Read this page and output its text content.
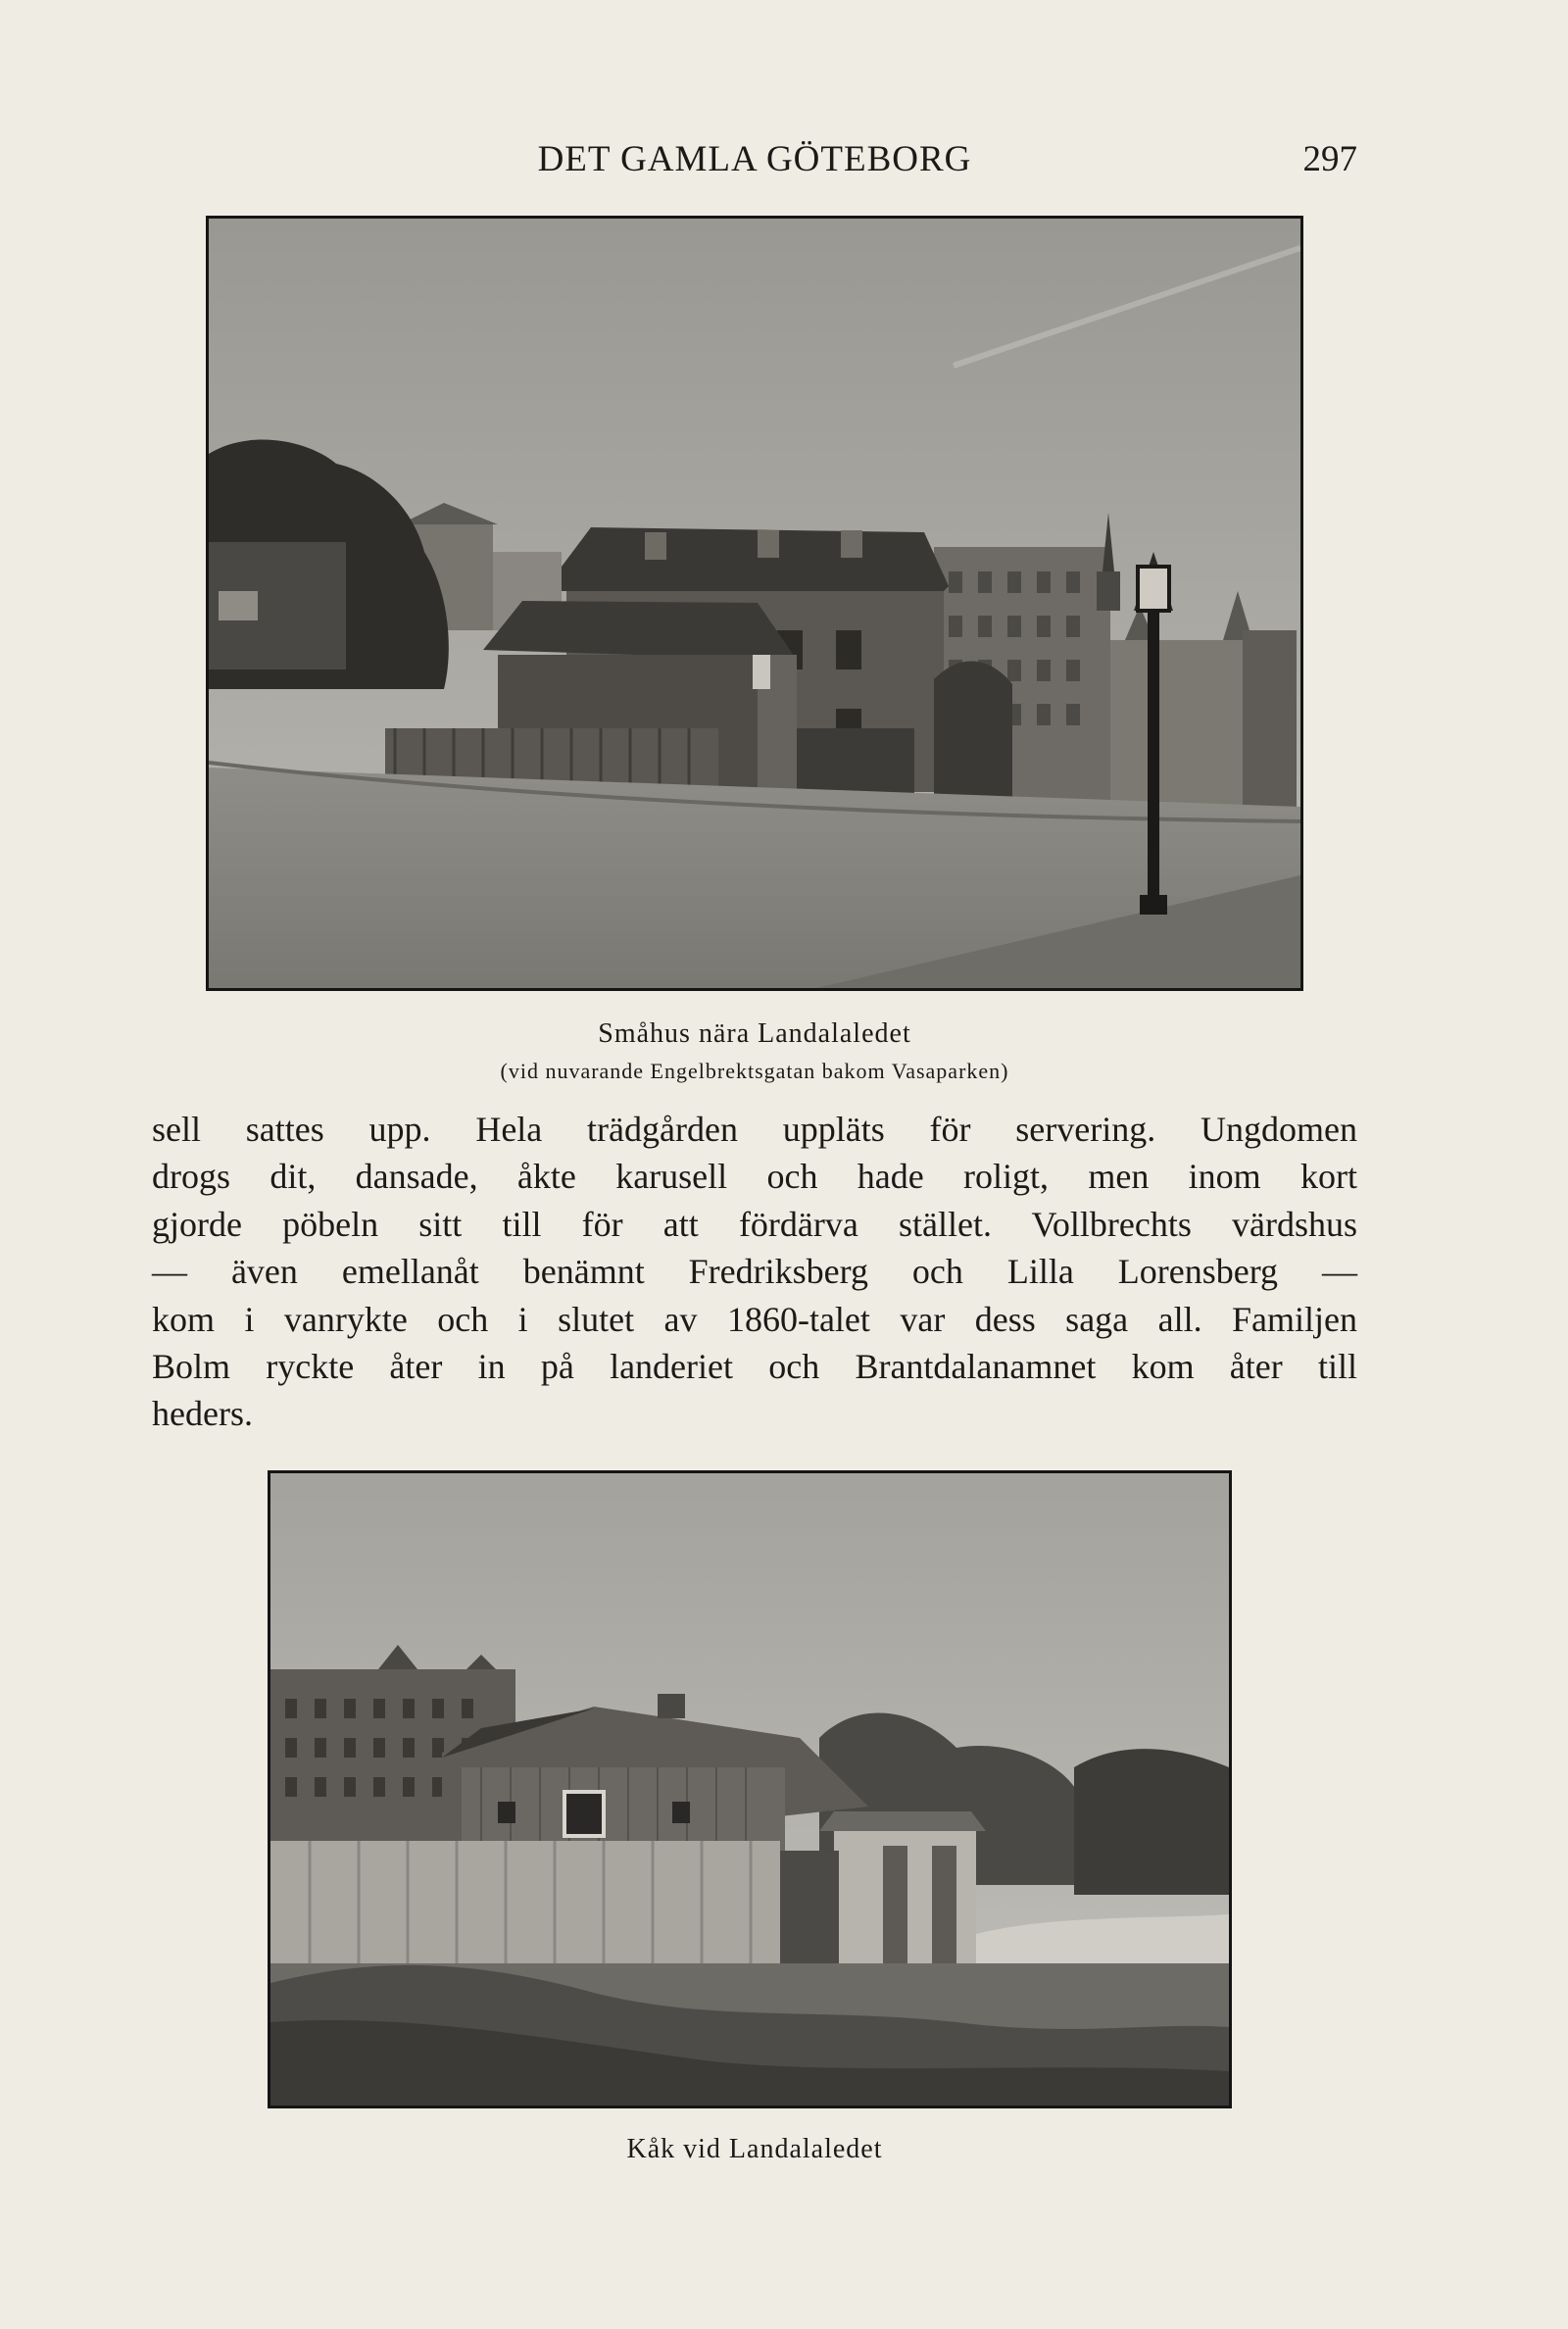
DET GAMLA GÖTEBORG	297
Småhus nära Landalaledet
(vid nuvarande Engelbrektsgatan bakom Vasaparken)
sell sattes upp. Hela trädgården uppläts för servering. Ungdomen
drogs dit, dansade, åkte karusell och hade roligt, men inom kort
gjorde pöbeln sitt till för att fördärva stället. Vollbrechts värdshus
— även emellanåt benämnt Fredriksberg och Lilla Lorensberg —
kom i vanrykte och i slutet av 1860-talet var dess saga all. Familjen
Bolm ryckte åter in på landeriet och Brantdalanamnet kom åter till
heders.
Kåk vid Landalaledet
